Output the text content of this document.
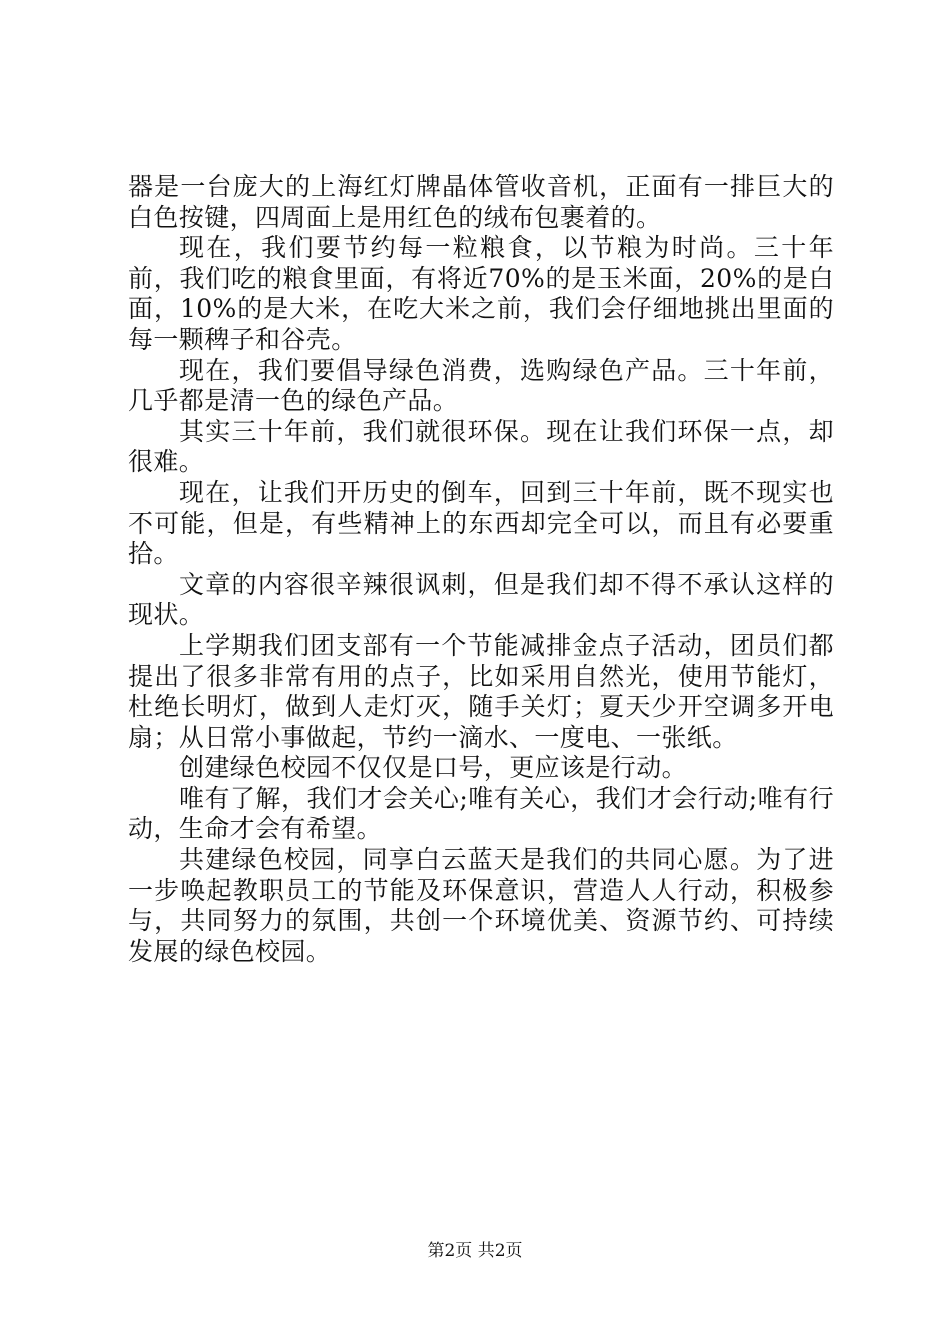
器是一台庞大的上海红灯牌晶体管收音机，正面有一排巨大的白色按键，四周面上是用红色的绒布包裹着的。

现在，我们要节约每一粒粮食，以节粮为时尚。三十年前，我们吃的粮食里面，有将近70%的是玉米面，20%的是白面，10%的是大米，在吃大米之前，我们会仔细地挑出里面的每一颗稗子和谷壳。

现在，我们要倡导绿色消费，选购绿色产品。三十年前，几乎都是清一色的绿色产品。

其实三十年前，我们就很环保。现在让我们环保一点，却很难。

现在，让我们开历史的倒车，回到三十年前，既不现实也不可能，但是，有些精神上的东西却完全可以，而且有必要重拾。

文章的内容很辛辣很讽刺，但是我们却不得不承认这样的现状。

上学期我们团支部有一个节能减排金点子活动，团员们都提出了很多非常有用的点子，比如采用自然光，使用节能灯，杜绝长明灯，做到人走灯灭，随手关灯；夏天少开空调多开电扇；从日常小事做起，节约一滴水、一度电、一张纸。

创建绿色校园不仅仅是口号，更应该是行动。

唯有了解，我们才会关心;唯有关心，我们才会行动;唯有行动，生命才会有希望。

共建绿色校园，同享白云蓝天是我们的共同心愿。为了进一步唤起教职员工的节能及环保意识，营造人人行动，积极参与，共同努力的氛围，共创一个环境优美、资源节约、可持续发展的绿色校园。

第2页 共2页
